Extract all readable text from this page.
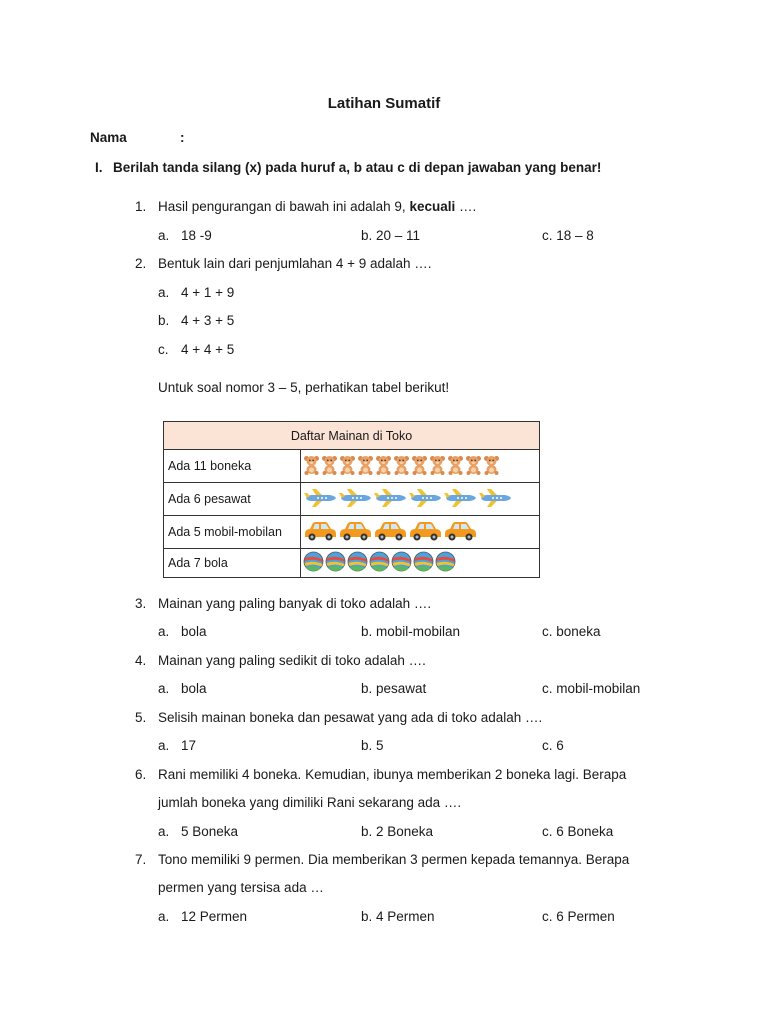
Latihan Sumatif
Nama	:
I. Berilah tanda silang (x) pada huruf a, b atau c di depan jawaban yang benar!
1. Hasil pengurangan di bawah ini adalah 9, kecuali ….
a. 18 -9	b. 20 – 11	c. 18 – 8
2. Bentuk lain dari penjumlahan 4 + 9 adalah ….
a. 4 + 1 + 9
b. 4 + 3 + 5
c. 4 + 4 + 5
Untuk soal nomor 3 – 5, perhatikan tabel berikut!
Daftar Mainan di Toko	
Ada 11 boneka	
Ada 6 pesawat	
Ada 5 mobil-mobilan	
Ada 7 bola	
3. Mainan yang paling banyak di toko adalah ….
a. bola	b. mobil-mobilan	c. boneka
4. Mainan yang paling sedikit di toko adalah ….
a. bola	b. pesawat	c. mobil-mobilan
5. Selisih mainan boneka dan pesawat yang ada di toko adalah ….
a. 17	b. 5	c. 6
6. Rani memiliki 4 boneka. Kemudian, ibunya memberikan 2 boneka lagi. Berapa
jumlah boneka yang dimiliki Rani sekarang ada ….
a. 5 Boneka	b. 2 Boneka	c. 6 Boneka
7. Tono memiliki 9 permen. Dia memberikan 3 permen kepada temannya. Berapa
permen yang tersisa ada …
a. 12 Permen	b. 4 Permen	c. 6 Permen
